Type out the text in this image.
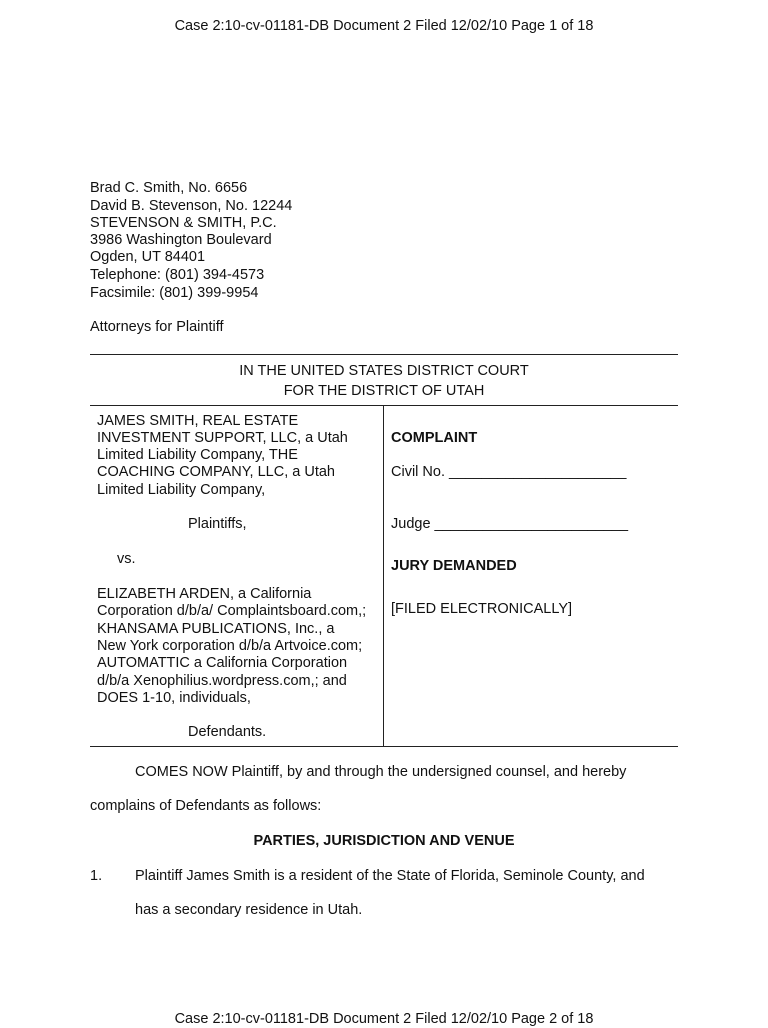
Case 2:10-cv-01181-DB Document 2 Filed 12/02/10 Page 1 of 18
Brad C. Smith, No. 6656
David B. Stevenson, No. 12244
STEVENSON & SMITH, P.C.
3986 Washington Boulevard
Ogden, UT 84401
Telephone: (801) 394-4573
Facsimile: (801) 399-9954
Attorneys for Plaintiff
IN THE UNITED STATES DISTRICT COURT
FOR THE DISTRICT OF UTAH
JAMES SMITH, REAL ESTATE
INVESTMENT SUPPORT, LLC, a Utah
Limited Liability Company, THE
COACHING COMPANY, LLC, a Utah
Limited Liability Company,
Plaintiffs,
vs.
ELIZABETH ARDEN, a California
Corporation d/b/a/ Complaintsboard.com,;
KHANSAMA PUBLICATIONS, Inc., a
New York corporation d/b/a Artvoice.com;
AUTOMATTIC a California Corporation
d/b/a Xenophilius.wordpress.com,; and
DOES 1-10, individuals,
Defendants.
COMPLAINT
Civil No. ______________________
Judge ________________________
JURY DEMANDED
[FILED ELECTRONICALLY]
COMES NOW Plaintiff, by and through the undersigned counsel, and hereby
complains of Defendants as follows:
PARTIES, JURISDICTION AND VENUE
1. Plaintiff James Smith is a resident of the State of Florida, Seminole County, and
has a secondary residence in Utah.
Case 2:10-cv-01181-DB Document 2 Filed 12/02/10 Page 2 of 18
